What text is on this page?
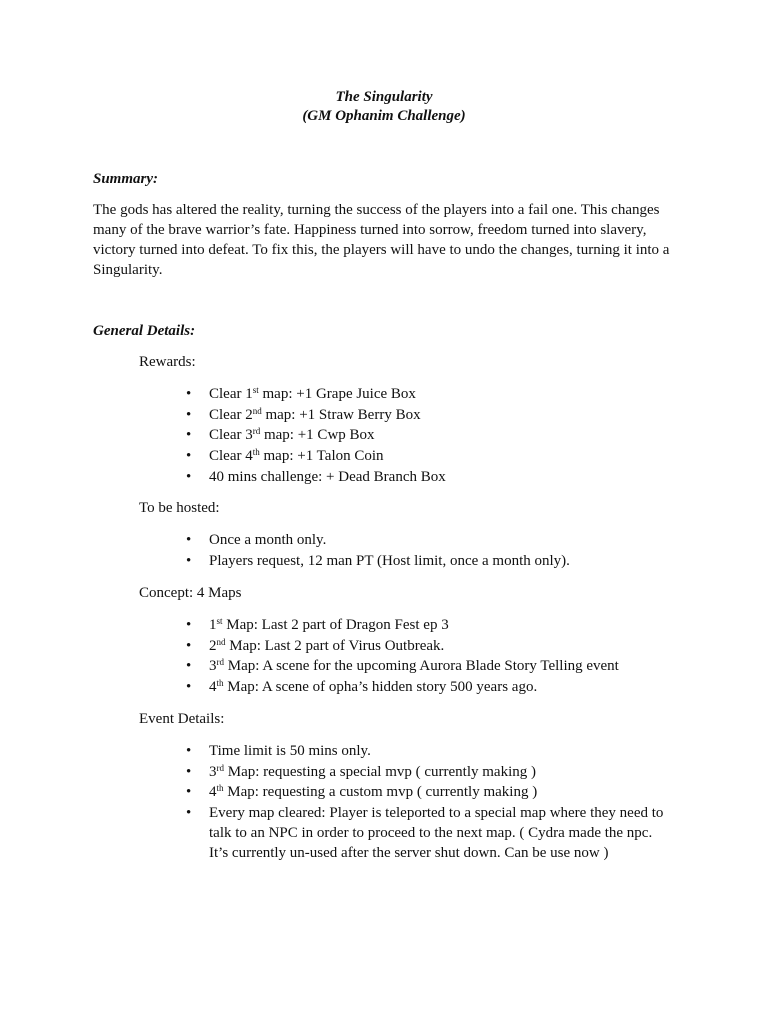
The Singularity
(GM Ophanim Challenge)
Summary:
The gods has altered the reality, turning the success of the players into a fail one. This changes many of the brave warrior’s fate. Happiness turned into sorrow, freedom turned into slavery, victory turned into defeat. To fix this, the players will have to undo the changes, turning it into a Singularity.
General Details:
Rewards:
• Clear 1st map: +1 Grape Juice Box
• Clear 2nd map: +1 Straw Berry Box
• Clear 3rd map: +1 Cwp Box
• Clear 4th map: +1 Talon Coin
• 40 mins challenge: + Dead Branch Box
To be hosted:
• Once a month only.
• Players request, 12 man PT (Host limit, once a month only).
Concept: 4 Maps
• 1st Map: Last 2 part of Dragon Fest ep 3
• 2nd Map: Last 2 part of Virus Outbreak.
• 3rd Map: A scene for the upcoming Aurora Blade Story Telling event
• 4th Map: A scene of opha’s hidden story 500 years ago.
Event Details:
• Time limit is 50 mins only.
• 3rd Map: requesting a special mvp ( currently making )
• 4th Map: requesting a custom mvp ( currently making )
• Every map cleared: Player is teleported to a special map where they need to talk to an NPC in order to proceed to the next map. ( Cydra made the npc. It’s currently un-used after the server shut down. Can be use now )
